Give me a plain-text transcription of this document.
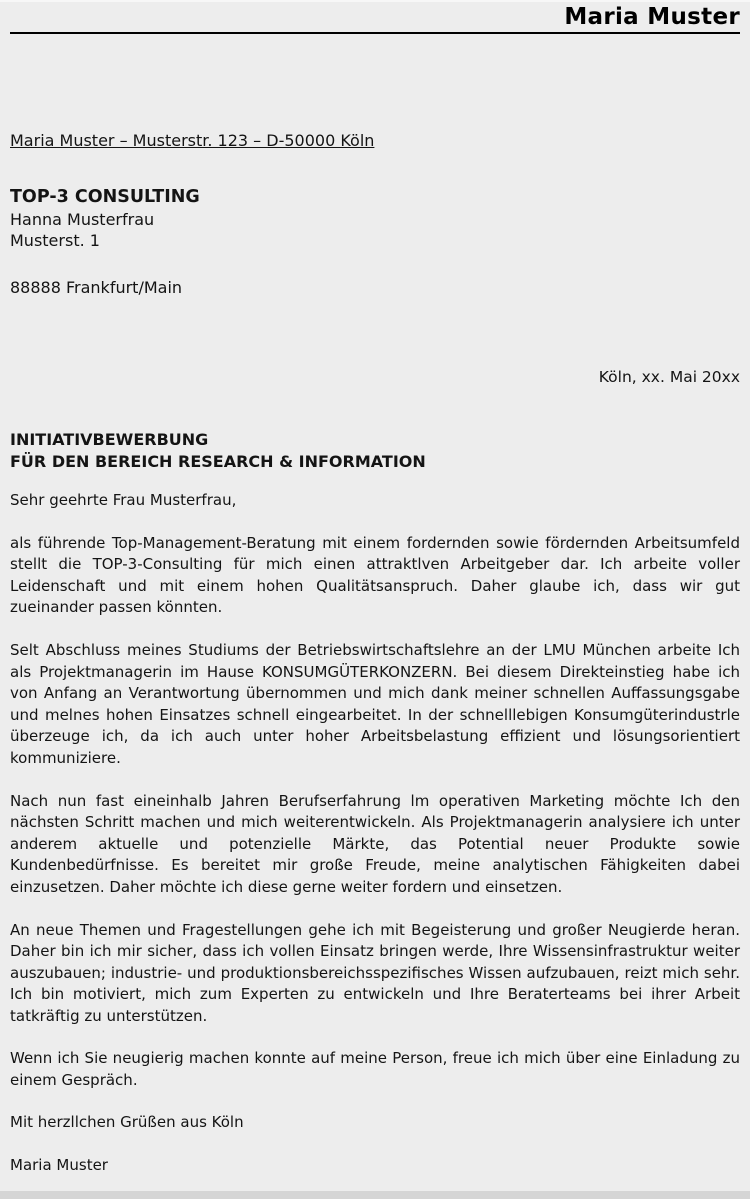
Maria Muster
Maria Muster – Musterstr. 123 – D-50000 Köln
TOP-3 CONSULTING
Hanna Musterfrau
Musterst. 1
88888 Frankfurt/Main
Köln, xx. Mai 20xx
INITIATIVBEWERBUNG
FÜR DEN BEREICH RESEARCH & INFORMATION
Sehr geehrte Frau Musterfrau,

als führende Top-Management-Beratung mit einem fordernden sowie fördernden Arbeitsumfeld stellt die TOP-3-Consulting für mich einen attraktlven Arbeitgeber dar. Ich arbeite voller Leidenschaft und mit einem hohen Qualitätsanspruch. Daher glaube ich, dass wir gut zueinander passen könnten.

Selt Abschluss meines Studiums der Betriebswirtschaftslehre an der LMU München arbeite Ich als Projektmanagerin im Hause KONSUMGÜTERKONZERN. Bei diesem Direkteinstieg habe ich von Anfang an Verantwortung übernommen und mich dank meiner schnellen Auffassungsgabe und melnes hohen Einsatzes schnell eingearbeitet. In der schnelllebigen Konsumgüterindustrle überzeuge ich, da ich auch unter hoher Arbeitsbelastung effizient und lösungsorientiert kommuniziere.

Nach nun fast eineinhalb Jahren Berufserfahrung lm operativen Marketing möchte Ich den nächsten Schritt machen und mich weiterentwickeln. Als Projektmanagerin analysiere ich unter anderem aktuelle und potenzielle Märkte, das Potential neuer Produkte sowie Kundenbedürfnisse. Es bereitet mir große Freude, meine analytischen Fähigkeiten dabei einzusetzen. Daher möchte ich diese gerne weiter fordern und einsetzen.

An neue Themen und Fragestellungen gehe ich mit Begeisterung und großer Neugierde heran. Daher bin ich mir sicher, dass ich vollen Einsatz bringen werde, Ihre Wissensinfrastruktur weiter auszubauen; industrie- und produktionsbereichsspezifisches Wissen aufzubauen, reizt mich sehr. Ich bin motiviert, mich zum Experten zu entwickeln und Ihre Beraterteams bei ihrer Arbeit tatkräftig zu unterstützen.

Wenn ich Sie neugierig machen konnte auf meine Person, freue ich mich über eine Einladung zu einem Gespräch.

Mit herzllchen Grüßen aus Köln
Maria Muster
